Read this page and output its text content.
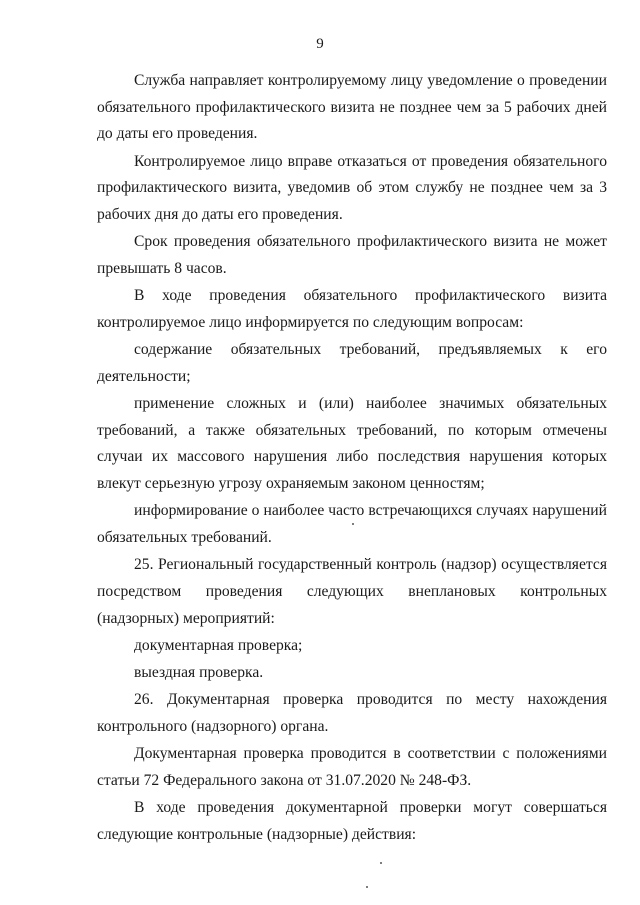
9

Служба направляет контролируемому лицу уведомление о проведении обязательного профилактического визита не позднее чем за 5 рабочих дней до даты его проведения.

Контролируемое лицо вправе отказаться от проведения обязательного профилактического визита, уведомив об этом службу не позднее чем за 3 рабочих дня до даты его проведения.

Срок проведения обязательного профилактического визита не может превышать 8 часов.

В ходе проведения обязательного профилактического визита контролируемое лицо информируется по следующим вопросам:

содержание обязательных требований, предъявляемых к его деятельности;

применение сложных и (или) наиболее значимых обязательных требований, а также обязательных требований, по которым отмечены случаи их массового нарушения либо последствия нарушения которых влекут серьезную угрозу охраняемым законом ценностям;

информирование о наиболее часто встречающихся случаях нарушений обязательных требований.

25. Региональный государственный контроль (надзор) осуществляется посредством проведения следующих внеплановых контрольных (надзорных) мероприятий:

документарная проверка;

выездная проверка.

26. Документарная проверка проводится по месту нахождения контрольного (надзорного) органа.

Документарная проверка проводится в соответствии с положениями статьи 72 Федерального закона от 31.07.2020 № 248-ФЗ.

В ходе проведения документарной проверки могут совершаться следующие контрольные (надзорные) действия:
